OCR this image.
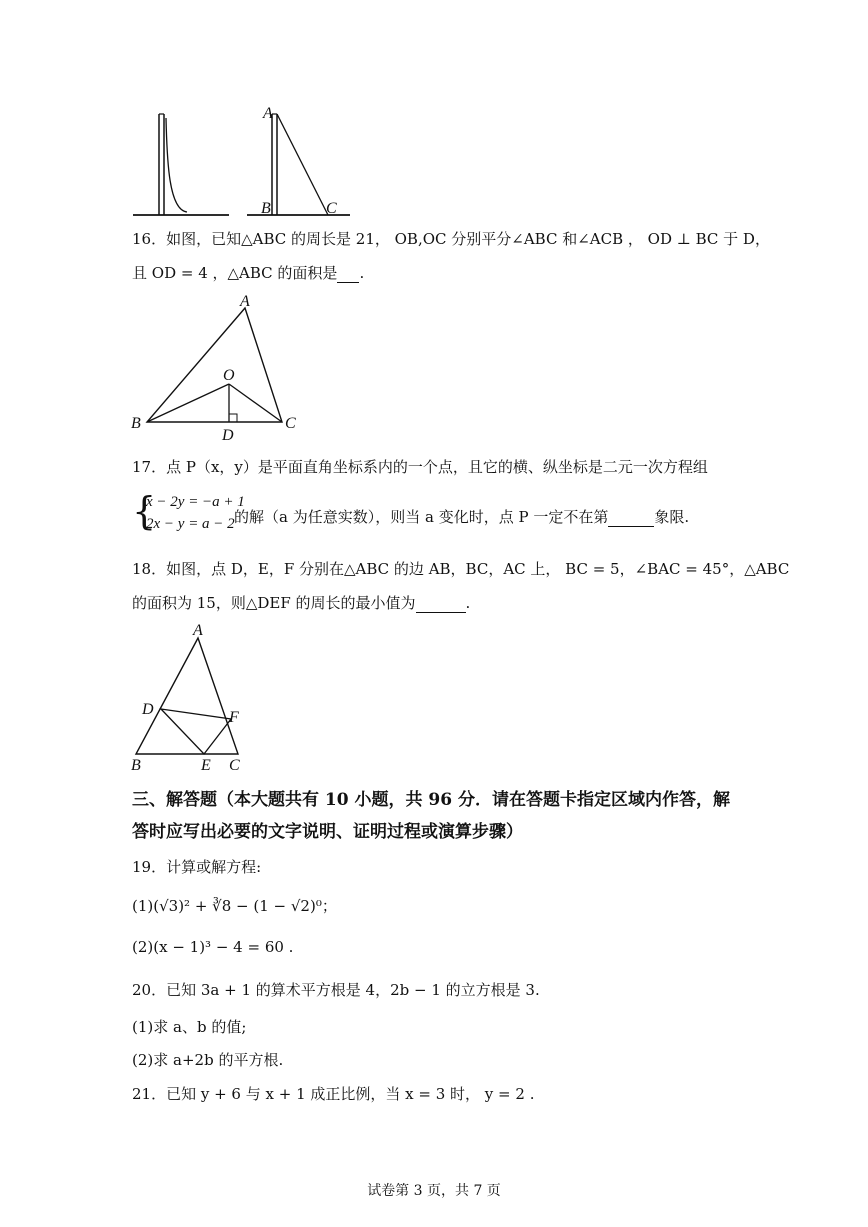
A
B	C
16．如图，已知△ABC 的周长是 21， OB,OC 分别平分∠ABC 和∠ACB ， OD ⊥ BC 于 D，
且 OD = 4 ，△ABC 的面积是 .
A
O
B
D
C
17．点 P（x，y）是平面直角坐标系内的一个点，且它的横、纵坐标是二元一次方程组
{
x − 2y = −a + 1
2x − y = a − 2 的解（a 为任意实数），则当 a 变化时，点 P 一定不在第	象限.
18．如图，点 D，E，F 分别在△ABC 的边 AB，BC，AC 上， BC = 5，∠BAC = 45°，△ABC
的面积为 15，则△DEF 的周长的最小值为	.
A
D	F
B	E C
三、解答题（本大题共有 10 小题，共 96 分．请在答题卡指定区域内作答，解
答时应写出必要的文字说明、证明过程或演算步骤）
19．计算或解方程:
(1)(√3)² + ∛8 − (1 − √2)⁰；
(2)(x − 1)³ − 4 = 60 .
20．已知 3a + 1 的算术平方根是 4，2b − 1 的立方根是 3.
(1)求 a、b 的值;
(2)求 a+2b 的平方根.
21．已知 y + 6 与 x + 1 成正比例，当 x = 3 时， y = 2 .
试卷第 3 页，共 7 页
